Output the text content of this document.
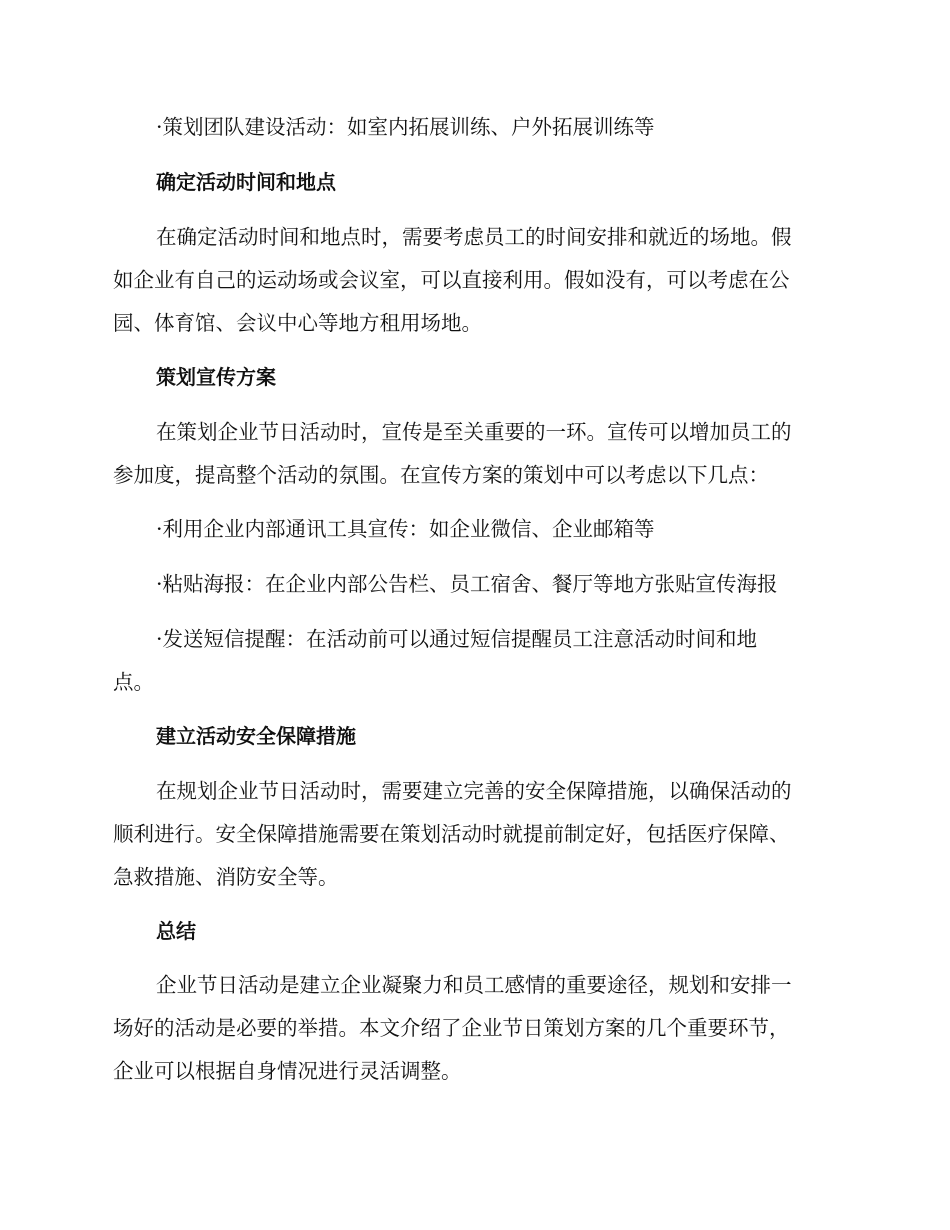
·策划团队建设活动：如室内拓展训练、户外拓展训练等
确定活动时间和地点
在确定活动时间和地点时，需要考虑员工的时间安排和就近的场地。假
如企业有自己的运动场或会议室，可以直接利用。假如没有，可以考虑在公
园、体育馆、会议中心等地方租用场地。
策划宣传方案
在策划企业节日活动时，宣传是至关重要的一环。宣传可以增加员工的
参加度，提高整个活动的氛围。在宣传方案的策划中可以考虑以下几点：
·利用企业内部通讯工具宣传：如企业微信、企业邮箱等
·粘贴海报：在企业内部公告栏、员工宿舍、餐厅等地方张贴宣传海报
·发送短信提醒：在活动前可以通过短信提醒员工注意活动时间和地
点。
建立活动安全保障措施
在规划企业节日活动时，需要建立完善的安全保障措施，以确保活动的
顺利进行。安全保障措施需要在策划活动时就提前制定好，包括医疗保障、
急救措施、消防安全等。
总结
企业节日活动是建立企业凝聚力和员工感情的重要途径，规划和安排一
场好的活动是必要的举措。本文介绍了企业节日策划方案的几个重要环节，
企业可以根据自身情况进行灵活调整。
